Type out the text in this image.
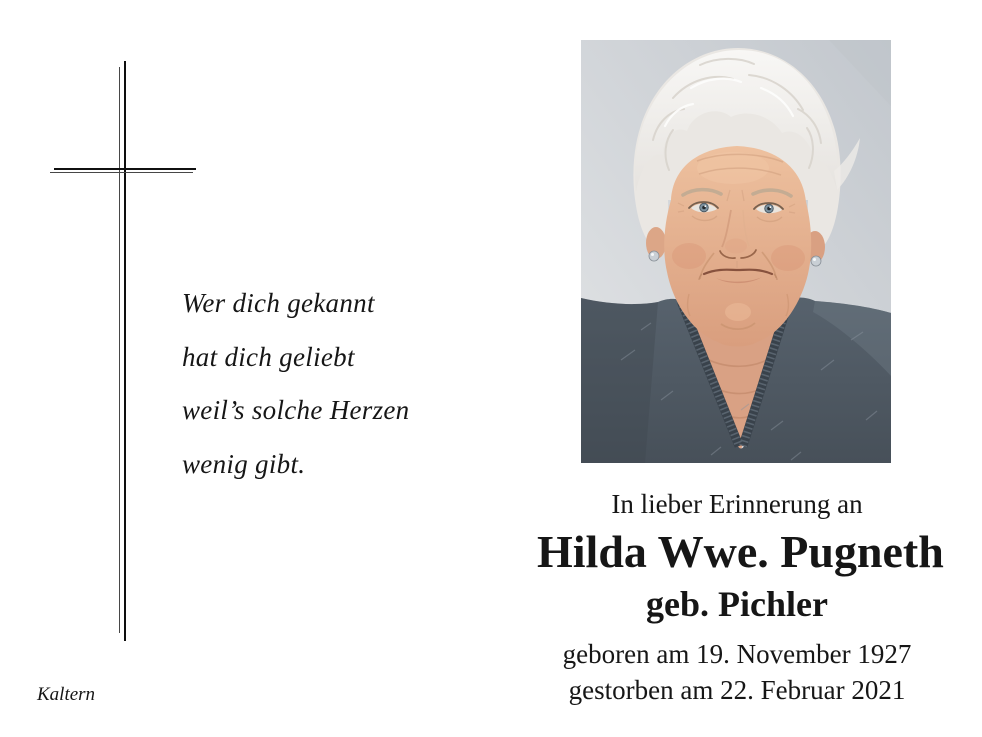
Wer dich gekannt
hat dich geliebt
weil’s solche Herzen
wenig gibt.
Kaltern
In lieber Erinnerung an
Hilda Wwe. Pugneth
geb. Pichler
geboren am 19. November 1927
gestorben am 22. Februar 2021
